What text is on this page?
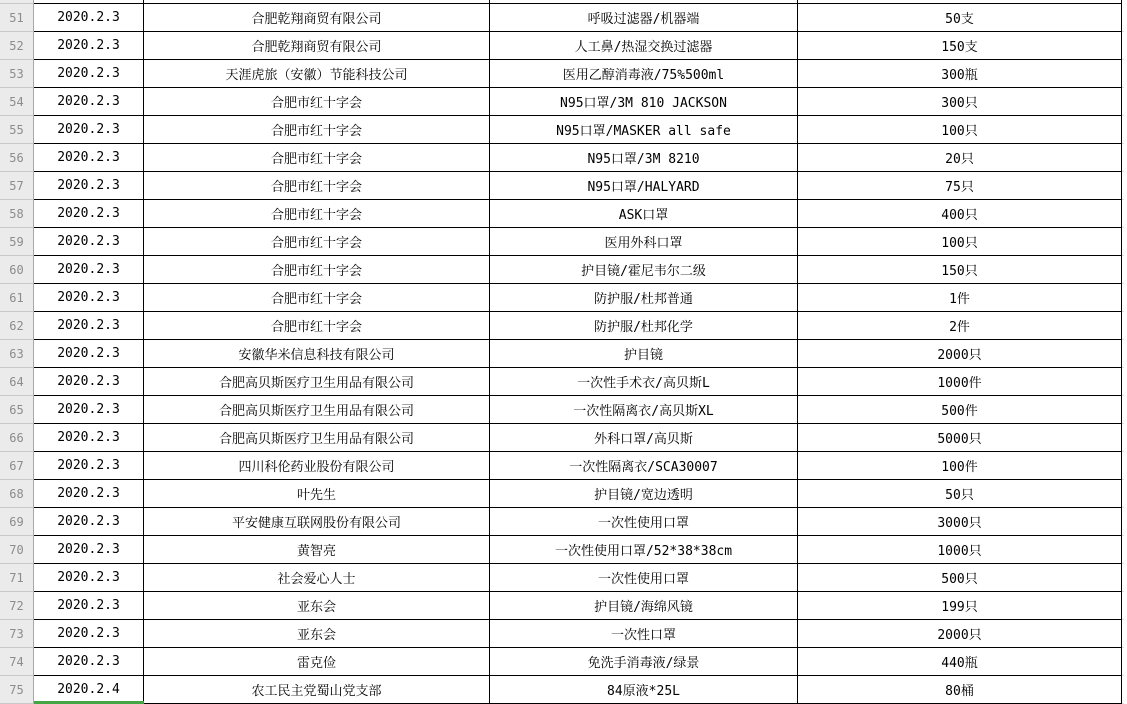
51	2020.2.3	合肥乾翔商贸有限公司	呼吸过滤器/机器端	50支
52	2020.2.3	合肥乾翔商贸有限公司	人工鼻/热湿交换过滤器	150支
53	2020.2.3	天涯虎旅（安徽）节能科技公司	医用乙醇消毒液/75%500ml	300瓶
54	2020.2.3	合肥市红十字会	N95口罩/3M 810 JACKSON	300只
55	2020.2.3	合肥市红十字会	N95口罩/MASKER all safe	100只
56	2020.2.3	合肥市红十字会	N95口罩/3M 8210	20只
57	2020.2.3	合肥市红十字会	N95口罩/HALYARD	75只
58	2020.2.3	合肥市红十字会	ASK口罩	400只
59	2020.2.3	合肥市红十字会	医用外科口罩	100只
60	2020.2.3	合肥市红十字会	护目镜/霍尼韦尔二级	150只
61	2020.2.3	合肥市红十字会	防护服/杜邦普通	1件
62	2020.2.3	合肥市红十字会	防护服/杜邦化学	2件
63	2020.2.3	安徽华米信息科技有限公司	护目镜	2000只
64	2020.2.3	合肥高贝斯医疗卫生用品有限公司	一次性手术衣/高贝斯L	1000件
65	2020.2.3	合肥高贝斯医疗卫生用品有限公司	一次性隔离衣/高贝斯XL	500件
66	2020.2.3	合肥高贝斯医疗卫生用品有限公司	外科口罩/高贝斯	5000只
67	2020.2.3	四川科伦药业股份有限公司	一次性隔离衣/SCA30007	100件
68	2020.2.3	叶先生	护目镜/宽边透明	50只
69	2020.2.3	平安健康互联网股份有限公司	一次性使用口罩	3000只
70	2020.2.3	黄智亮	一次性使用口罩/52*38*38cm	1000只
71	2020.2.3	社会爱心人士	一次性使用口罩	500只
72	2020.2.3	亚东会	护目镜/海绵风镜	199只
73	2020.2.3	亚东会	一次性口罩	2000只
74	2020.2.3	雷克俭	免洗手消毒液/绿景	440瓶
75	2020.2.4	农工民主党蜀山党支部	84原液*25L	80桶
